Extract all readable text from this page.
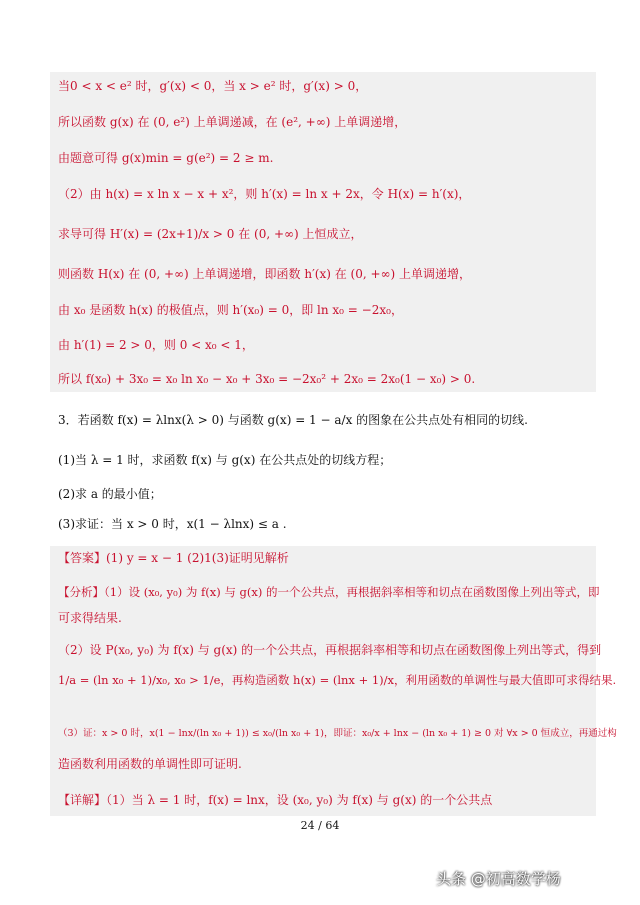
当0 < x < e² 时，g′(x) < 0，当 x > e² 时，g′(x) > 0，
所以函数 g(x) 在 (0, e²) 上单调递减，在 (e², +∞) 上单调递增，
由题意可得 g(x)min = g(e²) = 2 ≥ m.
（2）由 h(x) = x ln x − x + x²，则 h′(x) = ln x + 2x，令 H(x) = h′(x)，
求导可得 H′(x) = (2x+1)/x > 0 在 (0, +∞) 上恒成立，
则函数 H(x) 在 (0, +∞) 上单调递增，即函数 h′(x) 在 (0, +∞) 上单调递增，
由 x₀ 是函数 h(x) 的极值点，则 h′(x₀) = 0，即 ln x₀ = −2x₀，
由 h′(1) = 2 > 0，则 0 < x₀ < 1，
所以 f(x₀) + 3x₀ = x₀ ln x₀ − x₀ + 3x₀ = −2x₀² + 2x₀ = 2x₀(1 − x₀) > 0.
3．若函数 f(x) = λlnx(λ > 0) 与函数 g(x) = 1 − a/x 的图象在公共点处有相同的切线.
(1)当 λ = 1 时，求函数 f(x) 与 g(x) 在公共点处的切线方程；
(2)求 a 的最小值；
(3)求证：当 x > 0 时，x(1 − λlnx) ≤ a .
【答案】(1) y = x − 1 (2)1(3)证明见解析
【分析】（1）设 (x₀, y₀) 为 f(x) 与 g(x) 的一个公共点，再根据斜率相等和切点在函数图像上列出等式，即
可求得结果.
（2）设 P(x₀, y₀) 为 f(x) 与 g(x) 的一个公共点，再根据斜率相等和切点在函数图像上列出等式，得到
1/a = (ln x₀ + 1)/x₀, x₀ > 1/e，再构造函数 h(x) = (lnx + 1)/x，利用函数的单调性与最大值即可求得结果.
（3）证：x > 0 时，x(1 − lnx/(ln x₀ + 1)) ≤ x₀/(ln x₀ + 1)，即证：x₀/x + lnx − (ln x₀ + 1) ≥ 0 对 ∀x > 0 恒成立，再通过构
造函数利用函数的单调性即可证明.
【详解】（1）当 λ = 1 时，f(x) = lnx，设 (x₀, y₀) 为 f(x) 与 g(x) 的一个公共点
24 / 64
头条 @初高数学杨
